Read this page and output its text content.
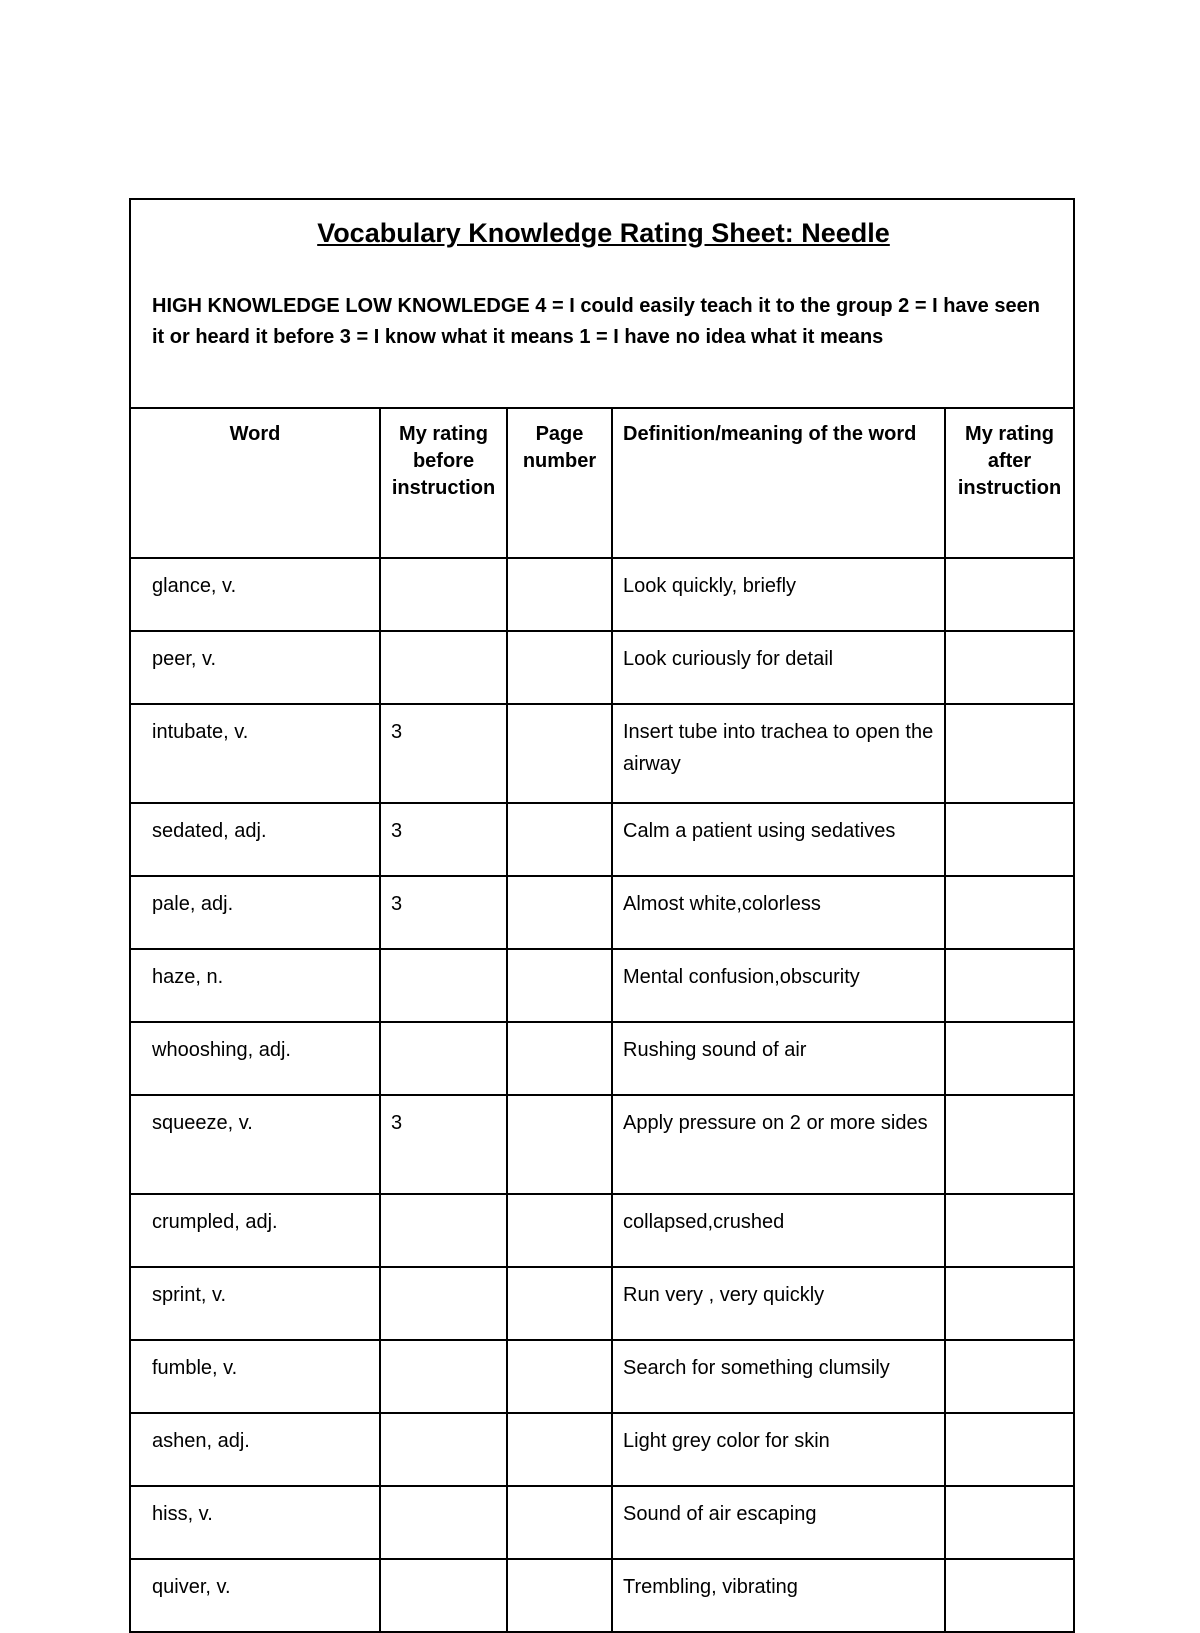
Vocabulary Knowledge Rating Sheet: Needle
HIGH KNOWLEDGE LOW KNOWLEDGE 4 = I could easily teach it to the group 2 = I have seen it or heard it before 3 = I know what it means 1 = I have no idea what it means				

Word	My rating before instruction	Page number	Definition/meaning of the word	My rating after instruction
glance, v.			Look quickly, briefly	
peer, v.			Look curiously for detail	
intubate, v.	3		Insert tube into trachea to open the airway	
sedated, adj.	3		Calm a patient using sedatives	
pale, adj.	3		Almost white,colorless	
haze, n.			Mental confusion,obscurity	
whooshing, adj.			Rushing sound of air	
squeeze, v.	3		Apply pressure on 2 or more sides	
crumpled, adj.			collapsed,crushed	
sprint, v.			Run very , very quickly	
fumble, v.			Search for something clumsily	
ashen, adj.			Light grey color for skin	
hiss, v.			Sound of air escaping	
quiver, v.			Trembling, vibrating	
